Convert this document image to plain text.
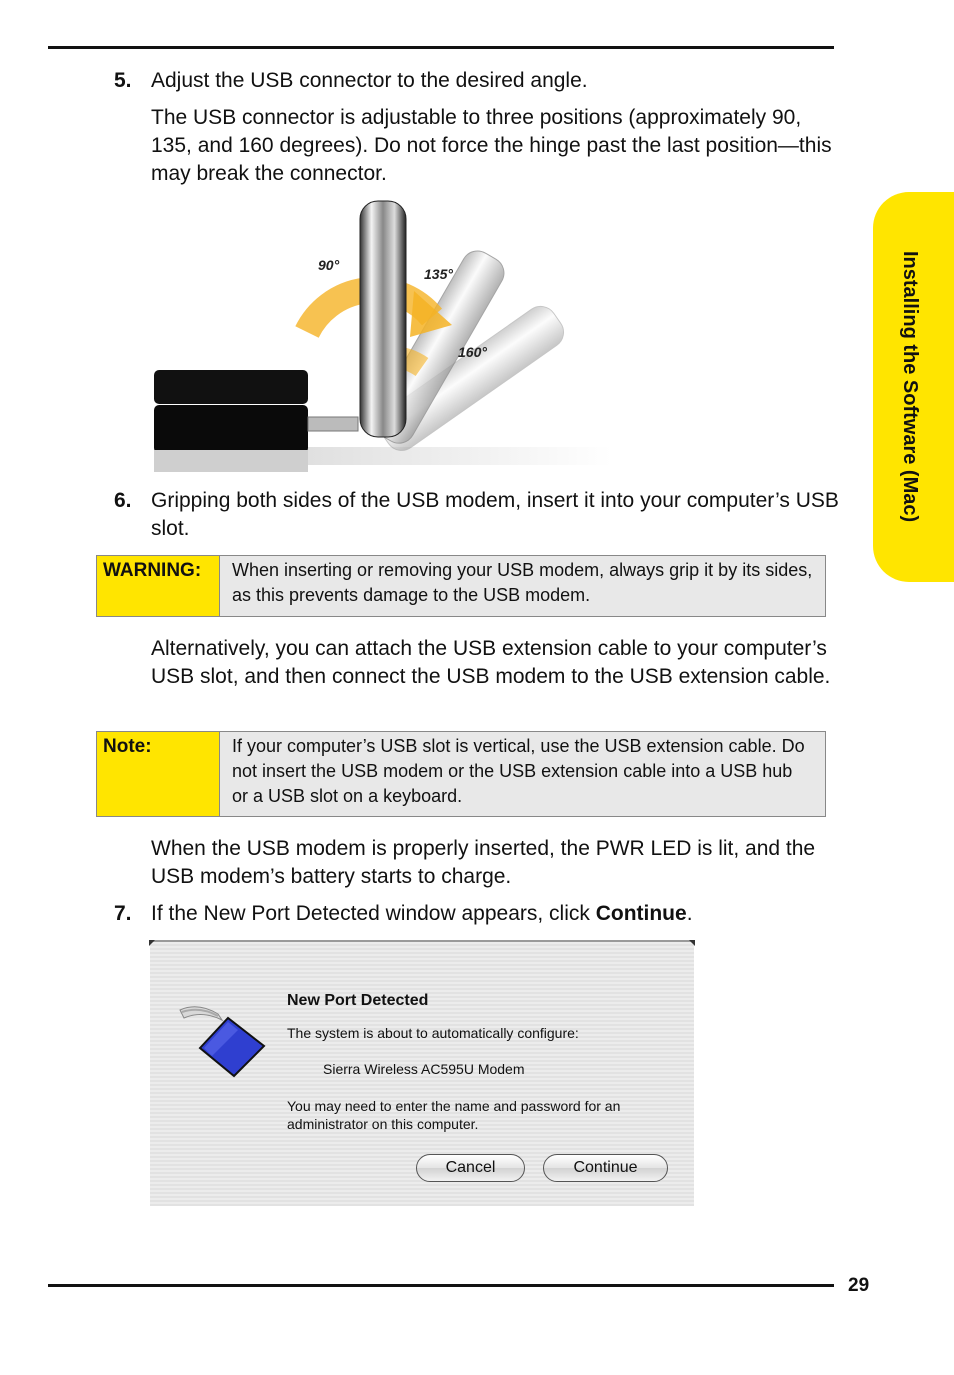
Installing the Software (Mac)
5. Adjust the USB connector to the desired angle.
The USB connector is adjustable to three positions (approximately 90, 135, and 160 degrees). Do not force the hinge past the last position—this may break the connector.
90°
135°
160°
6. Gripping both sides of the USB modem, insert it into your computer’s USB slot.
WARNING:	When inserting or removing your USB modem, always grip it by its sides, as this prevents damage to the USB modem.
Alternatively, you can attach the USB extension cable to your computer’s USB slot, and then connect the USB modem to the USB extension cable.
Note:	If your computer’s USB slot is vertical, use the USB extension cable. Do not insert the USB modem or the USB extension cable into a USB hub or a USB slot on a keyboard.
When the USB modem is properly inserted, the PWR LED is lit, and the USB modem’s battery starts to charge.
7. If the New Port Detected window appears, click Continue.
New Port Detected
The system is about to automatically configure:
Sierra Wireless AC595U Modem
You may need to enter the name and password for an administrator on this computer.
Cancel	Continue
29
